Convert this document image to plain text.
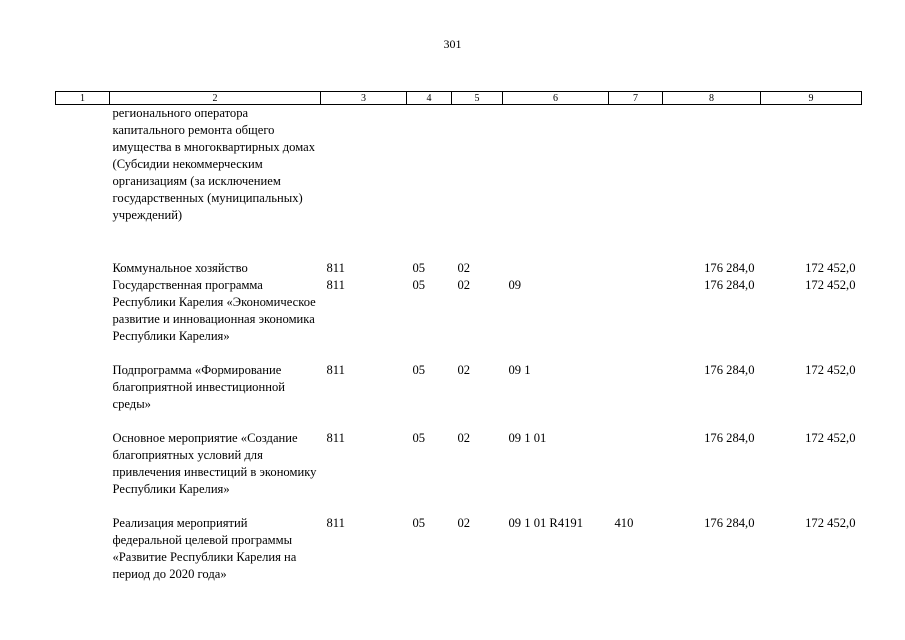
301
1	2	3	4	5	6	7	8	9
	регионального оператора капитального ремонта общего имущества в многоквартирных домах (Субсидии некоммерческим организациям (за исключением государственных (муниципальных) учреждений)							
	Коммунальное хозяйство	811	05	02			176 284,0	172 452,0
	Государственная программа Республики Карелия «Экономическое развитие и инновационная экономика Республики Карелия»	811	05	02	09		176 284,0	172 452,0
	Подпрограмма «Формирование благоприятной инвестиционной среды»	811	05	02	09 1		176 284,0	172 452,0
	Основное мероприятие «Создание благоприятных условий для привлечения инвестиций в экономику Республики Карелия»	811	05	02	09 1 01		176 284,0	172 452,0
	Реализация мероприятий федеральной целевой программы «Развитие Республики Карелия на период до 2020 года»	811	05	02	09 1 01 R4191	410	176 284,0	172 452,0
